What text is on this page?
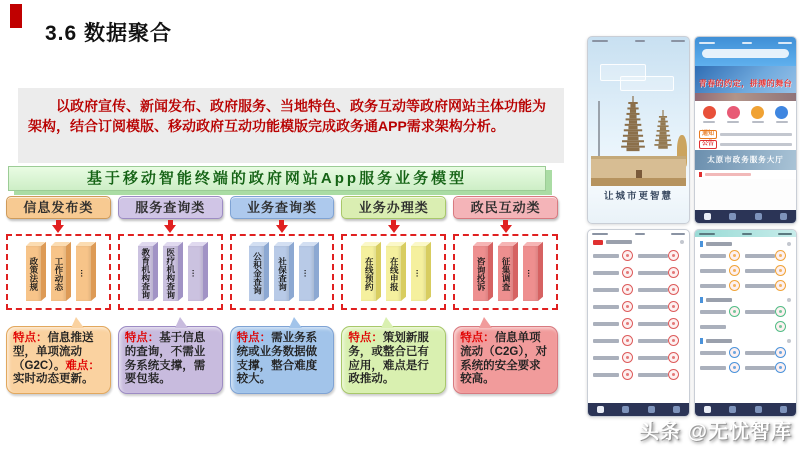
3.6 数据聚合

以政府宣传、新闻发布、政府服务、当地特色、政务互动等政府网站主体功能为架构，结合订阅模版、移动政府互动功能模版完成政务通APP需求架构分析。

基于移动智能终端的政府网站App服务业务模型
信息发布类
政策法规	工作动态	…
特点：信息推送型，单项流动（G2C）。难点：实时动态更新。
服务查询类
教育机构查询	医疗机构查询	…
特点：基于信息的查询，不需业务系统支撑，需要包装。
业务查询类
公积金查询	社保查询	…
特点：需业务系统或业务数据做支撑，整合难度较大。
业务办理类
在线预约	在线申报	…
特点：策划新服务，或整合已有应用，难点是行政推动。
政民互动类
咨询投诉	征集调查	…
特点：信息单项流动（C2G），对系统的安全要求较高。
让城市更智慧
青春的约定，拼搏的舞台
通知
公告
太原市政务服务大厅
头条 @无忧智库
